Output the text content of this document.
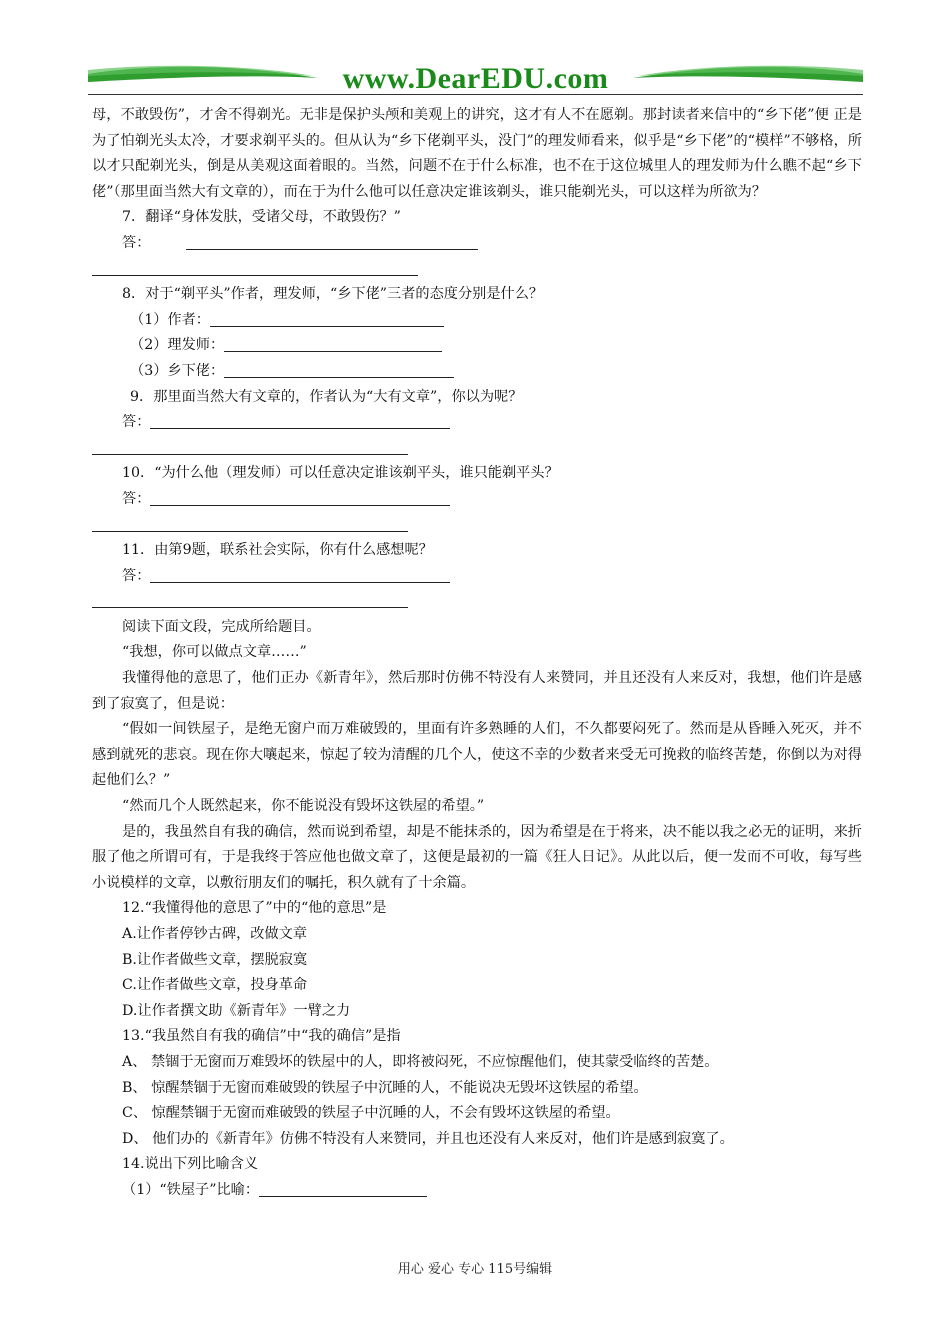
www.DearEDU.com

母，不敢毁伤”，才舍不得剃光。无非是保护头颅和美观上的讲究，这才有人不在愿剃。那封读者来信中的“乡下佬”便 正是为了怕剃光头太冷，才要求剃平头的。但从认为“乡下佬剃平头，没门”的理发师看来，似乎是“乡下佬”的“模样”不够格，所以才只配剃光头，倒是从美观这面着眼的。当然，问题不在于什么标准，也不在于这位城里人的理发师为什么瞧不起“乡下佬”（那里面当然大有文章的），而在于为什么他可以任意决定谁该剃头，谁只能剃光头，可以这样为所欲为？

7．翻译“身体发肤，受诸父母，不敢毁伤？”

答：

8．对于“剃平头”作者，理发师，“乡下佬”三者的态度分别是什么？

（1）作者：

（2）理发师：

（3）乡下佬：

9．那里面当然大有文章的，作者认为“大有文章”，你以为呢？

答：

10．“为什么他（理发师）可以任意决定谁该剃平头，谁只能剃平头？

答：

11．由第9题，联系社会实际，你有什么感想呢？

答：

阅读下面文段，完成所给题目。

“我想，你可以做点文章……”

我懂得他的意思了，他们正办《新青年》，然后那时仿佛不特没有人来赞同，并且还没有人来反对，我想，他们许是感到了寂寞了，但是说：

“假如一间铁屋子，是绝无窗户而万难破毁的，里面有许多熟睡的人们，不久都要闷死了。然而是从昏睡入死灭，并不感到就死的悲哀。现在你大嚷起来，惊起了较为清醒的几个人，使这不幸的少数者来受无可挽救的临终苦楚，你倒以为对得起他们么？”

“然而几个人既然起来，你不能说没有毁坏这铁屋的希望。”

是的，我虽然自有我的确信，然而说到希望，却是不能抹杀的，因为希望是在于将来，决不能以我之必无的证明，来折服了他之所谓可有，于是我终于答应他也做文章了，这便是最初的一篇《狂人日记》。从此以后，便一发而不可收，每写些小说模样的文章，以敷衍朋友们的嘱托，积久就有了十余篇。

12.“我懂得他的意思了”中的“他的意思”是

A.让作者停钞古碑，改做文章

B.让作者做些文章，摆脱寂寞

C.让作者做些文章，投身革命

D.让作者撰文助《新青年》一臂之力

13.“我虽然自有我的确信”中“我的确信”是指

A、 禁锢于无窗而万难毁坏的铁屋中的人，即将被闷死，不应惊醒他们，使其蒙受临终的苦楚。

B、 惊醒禁锢于无窗而难破毁的铁屋子中沉睡的人，不能说决无毁坏这铁屋的希望。

C、 惊醒禁锢于无窗而难破毁的铁屋子中沉睡的人，不会有毁坏这铁屋的希望。

D、 他们办的《新青年》仿佛不特没有人来赞同，并且也还没有人来反对，他们许是感到寂寞了。

14.说出下列比喻含义

（1）“铁屋子”比喻：

用心 爱心 专心 115号编辑
